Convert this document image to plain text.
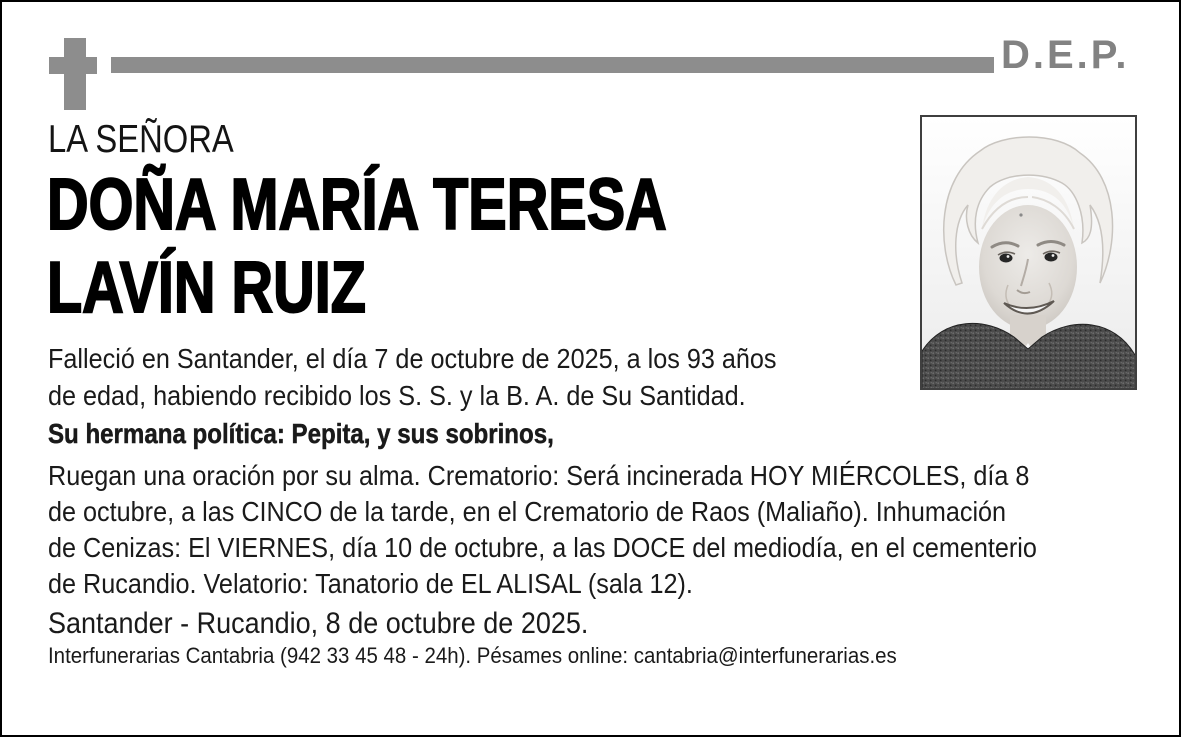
D.E.P.
LA SEÑORA
DOÑA MARÍA TERESA
LAVÍN RUIZ
Falleció en Santander, el día 7 de octubre de 2025, a los 93 años
de edad, habiendo recibido los S. S. y la B. A. de Su Santidad.
Su hermana política: Pepita, y sus sobrinos,
Ruegan una oración por su alma. Crematorio: Será incinerada HOY MIÉRCOLES, día 8
de octubre, a las CINCO de la tarde, en el Crematorio de Raos (Maliaño). Inhumación
de Cenizas: El VIERNES, día 10 de octubre, a las DOCE del mediodía, en el cementerio
de Rucandio. Velatorio: Tanatorio de EL ALISAL (sala 12).
Santander - Rucandio, 8 de octubre de 2025.
Interfunerarias Cantabria (942 33 45 48 - 24h). Pésames online: cantabria@interfunerarias.es
